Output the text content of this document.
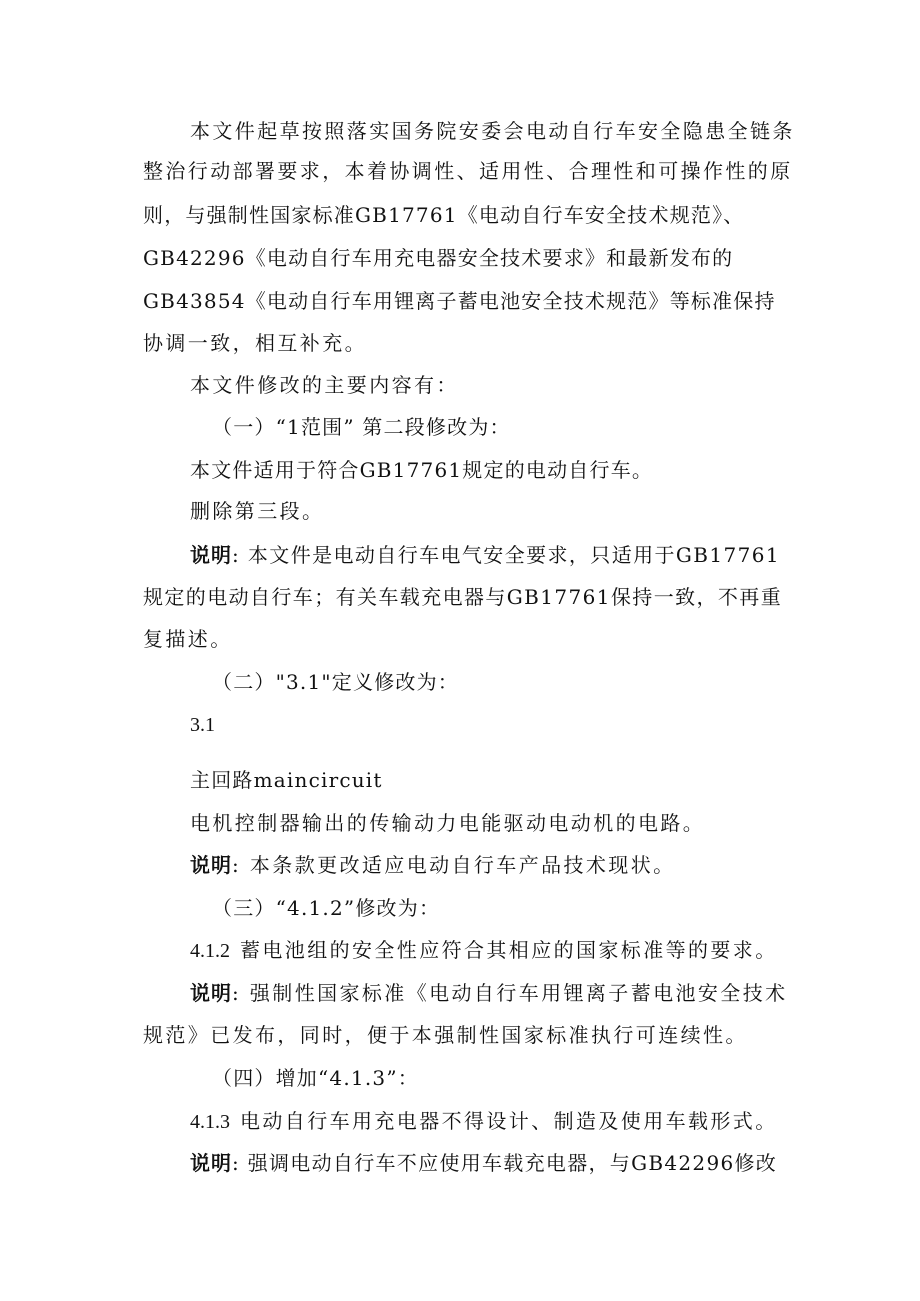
本文件起草按照落实国务院安委会电动自行车安全隐患全链条
整治行动部署要求，本着协调性、适用性、合理性和可操作性的原
则，与强制性国家标准GB17761《电动自行车安全技术规范》、
GB42296《电动自行车用充电器安全技术要求》和最新发布的
GB43854《电动自行车用锂离子蓄电池安全技术规范》等标准保持
协调一致，相互补充。
本文件修改的主要内容有：
（一）“1范围” 第二段修改为：
本文件适用于符合GB17761规定的电动自行车。
删除第三段。
说明: 本文件是电动自行车电气安全要求，只适用于GB17761
规定的电动自行车；有关车载充电器与GB17761保持一致，不再重
复描述。
（二）"3.1"定义修改为：
3.1
主回路maincircuit
电机控制器输出的传输动力电能驱动电动机的电路。
说明: 本条款更改适应电动自行车产品技术现状。
（三）“4.1.2”修改为：
4.1.2 蓄电池组的安全性应符合其相应的国家标准等的要求。
说明: 强制性国家标准《电动自行车用锂离子蓄电池安全技术
规范》已发布，同时，便于本强制性国家标准执行可连续性。
（四）增加“4.1.3”：
4.1.3 电动自行车用充电器不得设计、制造及使用车载形式。
说明: 强调电动自行车不应使用车载充电器，与GB42296修改
